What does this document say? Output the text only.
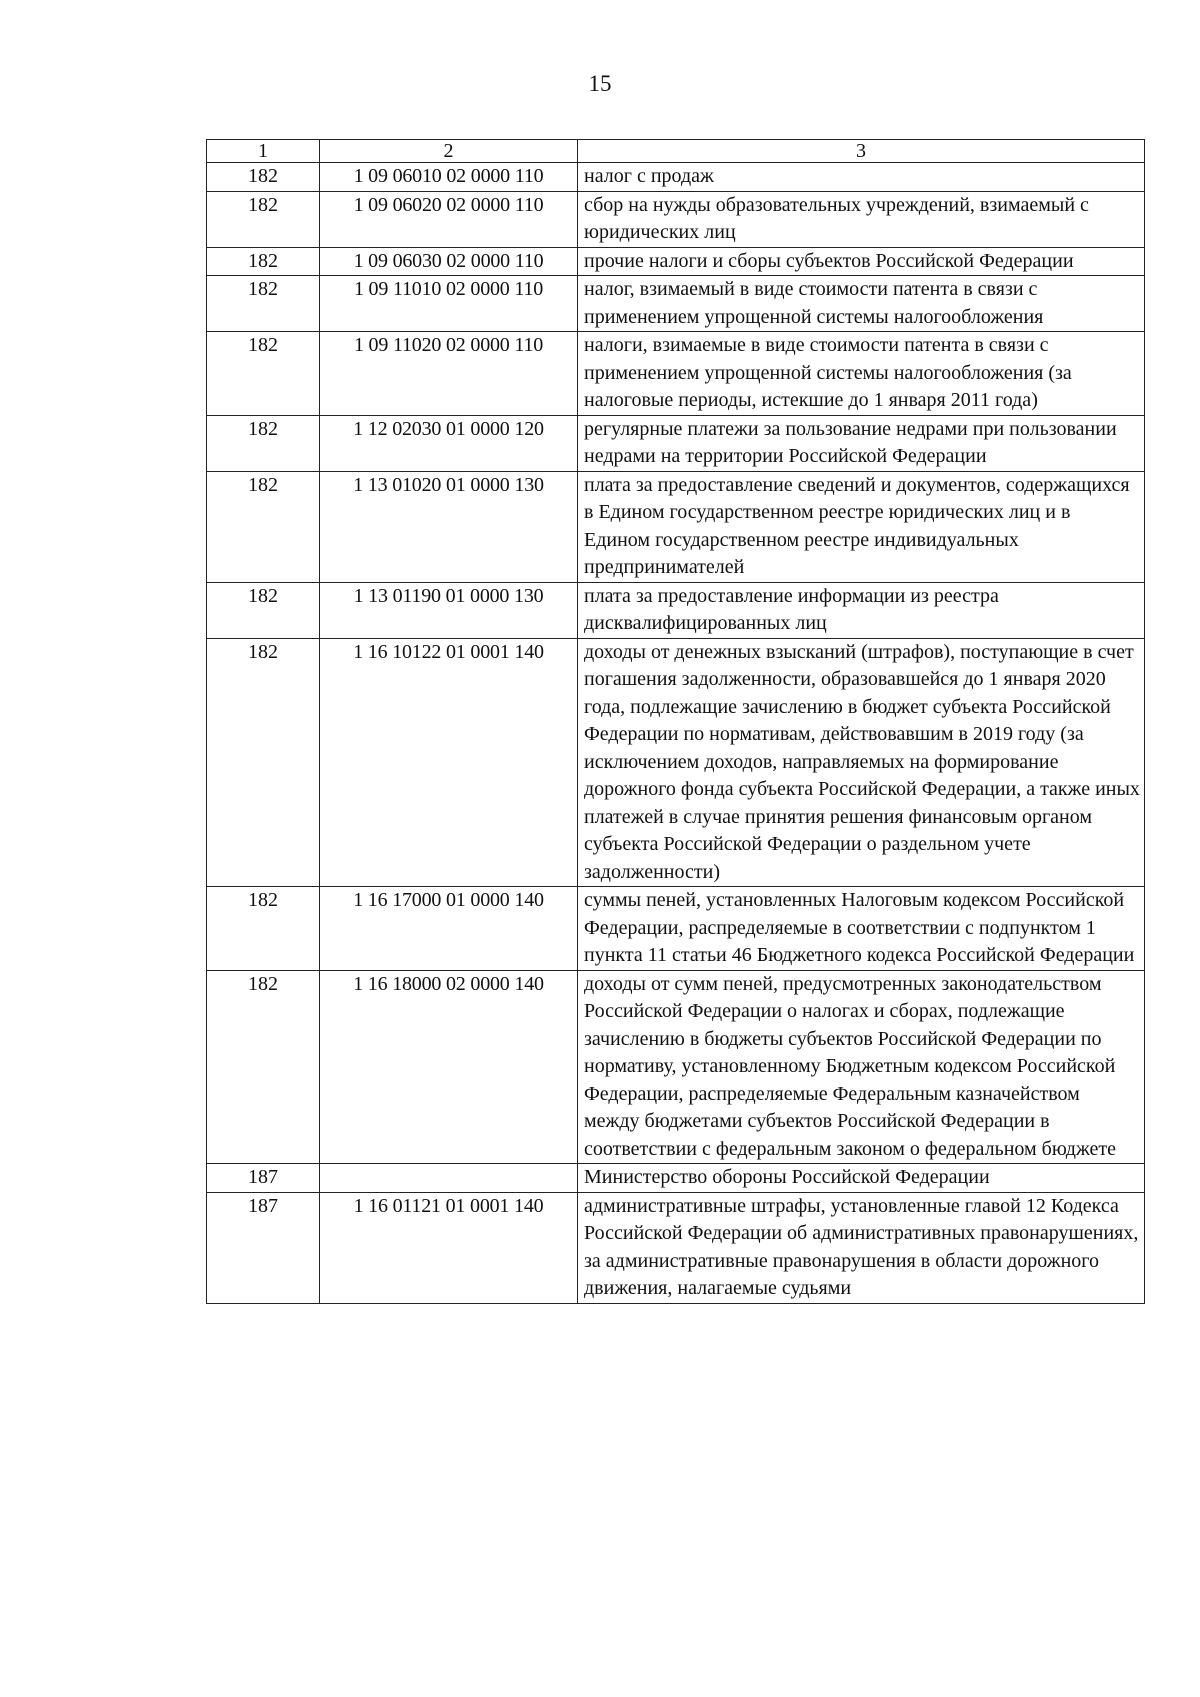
15
1	2	3
182	1 09 06010 02 0000 110	налог с продаж
182	1 09 06020 02 0000 110	сбор на нужды образовательных учреждений, взимаемый с юридических лиц
182	1 09 06030 02 0000 110	прочие налоги и сборы субъектов Российской Федерации
182	1 09 11010 02 0000 110	налог, взимаемый в виде стоимости патента в связи с применением упрощенной системы налогообложения
182	1 09 11020 02 0000 110	налоги, взимаемые в виде стоимости патента в связи с применением упрощенной системы налогообложения (за налоговые периоды, истекшие до 1 января 2011 года)
182	1 12 02030 01 0000 120	регулярные платежи за пользование недрами при пользовании недрами на территории Российской Федерации
182	1 13 01020 01 0000 130	плата за предоставление сведений и документов, содержащихся в Едином государственном реестре юридических лиц и в Едином государственном реестре индивидуальных предпринимателей
182	1 13 01190 01 0000 130	плата за предоставление информации из реестра дисквалифицированных лиц
182	1 16 10122 01 0001 140	доходы от денежных взысканий (штрафов), поступающие в счет погашения задолженности, образовавшейся до 1 января 2020 года, подлежащие зачислению в бюджет субъекта Российской Федерации по нормативам, действовавшим в 2019 году (за исключением доходов, направляемых на формирование дорожного фонда субъекта Российской Федерации, а также иных платежей в случае принятия решения финансовым органом субъекта Российской Федерации о раздельном учете задолженности)
182	1 16 17000 01 0000 140	суммы пеней, установленных Налоговым кодексом Российской Федерации, распределяемые в соответствии с подпунктом 1 пункта 11 статьи 46 Бюджетного кодекса Российской Федерации
182	1 16 18000 02 0000 140	доходы от сумм пеней, предусмотренных законодательством Российской Федерации о налогах и сборах, подлежащие зачислению в бюджеты субъектов Российской Федерации по нормативу, установленному Бюджетным кодексом Российской Федерации, распределяемые Федеральным казначейством между бюджетами субъектов Российской Федерации в соответствии с федеральным законом о федеральном бюджете
187		Министерство обороны Российской Федерации
187	1 16 01121 01 0001 140	административные штрафы, установленные главой 12 Кодекса Российской Федерации об административных правонарушениях, за административные правонарушения в области дорожного движения, налагаемые судьями
